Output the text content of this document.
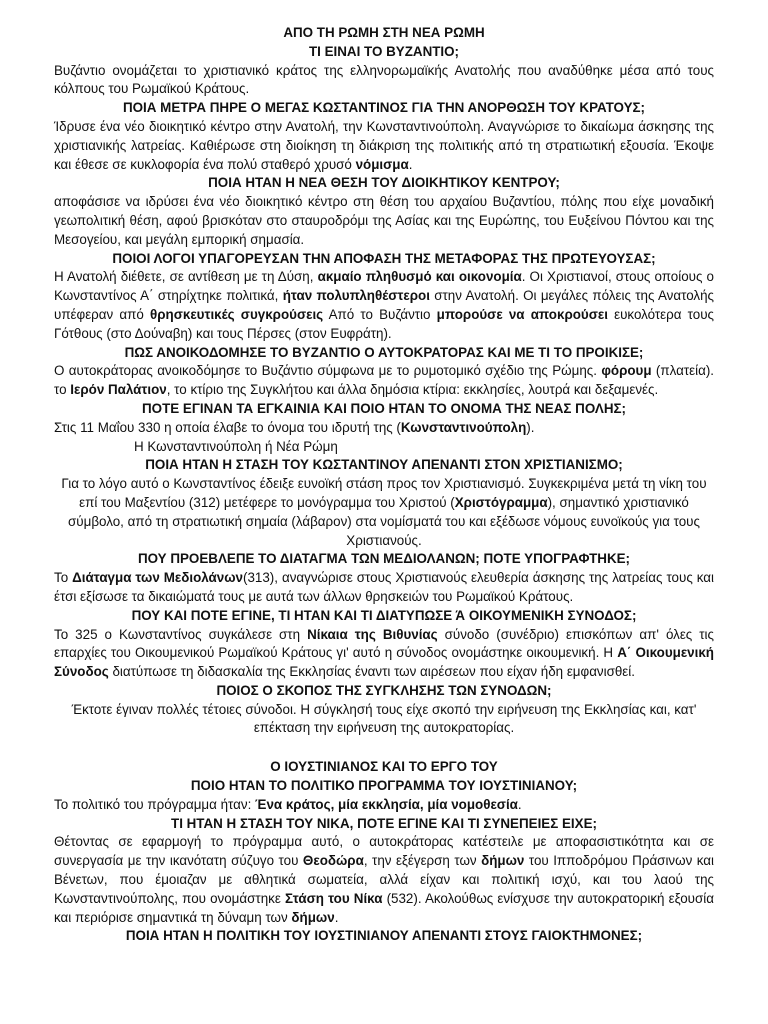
ΑΠΟ ΤΗ ΡΩΜΗ ΣΤΗ ΝΕΑ ΡΩΜΗ

ΤΙ ΕΙΝΑΙ ΤΟ ΒΥΖΑΝΤΙΟ;

Βυζάντιο ονομάζεται το χριστιανικό κράτος της ελληνορωμαϊκής Ανατολής που αναδύθηκε μέσα από τους κόλπους του Ρωμαϊκού Κράτους.

ΠΟΙΑ ΜΕΤΡΑ ΠΗΡΕ Ο ΜΕΓΑΣ ΚΩΣΤΑΝΤΙΝΟΣ ΓΙΑ ΤΗΝ ΑΝΟΡΘΩΣΗ ΤΟΥ ΚΡΑΤΟΥΣ;

Ίδρυσε ένα νέο διοικητικό κέντρο στην Ανατολή, την Κωνσταντινούπολη. Αναγνώρισε το δικαίωμα άσκησης της χριστιανικής λατρείας. Καθιέρωσε στη διοίκηση τη διάκριση της πολιτικής από τη στρατιωτική εξουσία. Έκοψε και έθεσε σε κυκλοφορία ένα πολύ σταθερό χρυσό νόμισμα.

ΠΟΙΑ ΗΤΑΝ Η ΝΕΑ ΘΕΣΗ ΤΟΥ ΔΙΟΙΚΗΤΙΚΟΥ ΚΕΝΤΡΟΥ;

αποφάσισε να ιδρύσει ένα νέο διοικητικό κέντρο στη θέση του αρχαίου Βυζαντίου, πόλης που είχε μοναδική γεωπολιτική θέση, αφού βρισκόταν στο σταυροδρόμι της Ασίας και της Ευρώπης, του Ευξείνου Πόντου και της Μεσογείου, και μεγάλη εμπορική σημασία.

ΠΟΙΟΙ ΛΟΓΟΙ ΥΠΑΓΟΡΕΥΣΑΝ ΤΗΝ ΑΠΟΦΑΣΗ ΤΗΣ ΜΕΤΑΦΟΡΑΣ ΤΗΣ ΠΡΩΤΕΥΟΥΣΑΣ;

Η Ανατολή διέθετε, σε αντίθεση με τη Δύση, ακμαίο πληθυσμό και οικονομία. Οι Χριστιανοί, στους οποίους ο Κωνσταντίνος Α΄ στηρίχτηκε πολιτικά, ήταν πολυπληθέστεροι στην Ανατολή. Οι μεγάλες πόλεις της Ανατολής υπέφεραν από θρησκευτικές συγκρούσεις Από το Βυζάντιο μπορούσε να αποκρούσει ευκολότερα τους Γότθους (στο Δούναβη) και τους Πέρσες (στον Ευφράτη).

ΠΩΣ ΑΝΟΙΚΟΔΟΜΗΣΕ ΤΟ ΒΥΖΑΝΤΙΟ Ο ΑΥΤΟΚΡΑΤΟΡΑΣ ΚΑΙ ΜΕ ΤΙ ΤΟ ΠΡΟΙΚΙΣΕ;

Ο αυτοκράτορας ανοικοδόμησε το Βυζάντιο σύμφωνα με το ρυμοτομικό σχέδιο της Ρώμης. φόρουμ (πλατεία). το Ιερόν Παλάτιον, το κτίριο της Συγκλήτου και άλλα δημόσια κτίρια: εκκλησίες, λουτρά και δεξαμενές.

ΠΟΤΕ ΕΓΙΝΑΝ ΤΑ ΕΓΚΑΙΝΙΑ ΚΑΙ ΠΟΙΟ ΗΤΑΝ ΤΟ ΟΝΟΜΑ ΤΗΣ ΝΕΑΣ ΠΟΛΗΣ;

Στις 11 Μαΐου 330 η οποία έλαβε το όνομα του ιδρυτή της (Κωνσταντινούπολη).

Η Κωνσταντινούπολη ή Νέα Ρώμη

ΠΟΙΑ ΗΤΑΝ Η ΣΤΑΣΗ ΤΟΥ ΚΩΣΤΑΝΤΙΝΟΥ ΑΠΕΝΑΝΤΙ ΣΤΟΝ ΧΡΙΣΤΙΑΝΙΣΜΟ;

Για το λόγο αυτό ο Κωνσταντίνος έδειξε ευνοϊκή στάση προς τον Χριστιανισμό. Συγκεκριμένα μετά τη νίκη του επί του Μαξεντίου (312) μετέφερε το μονόγραμμα του Χριστού (Χριστόγραμμα), σημαντικό χριστιανικό σύμβολο, από τη στρατιωτική σημαία (λάβαρον) στα νομίσματά του και εξέδωσε νόμους ευνοϊκούς για τους Χριστιανούς.

ΠΟΥ ΠΡΟΕΒΛΕΠΕ ΤΟ ΔΙΑΤΑΓΜΑ ΤΩΝ ΜΕΔΙΟΛΑΝΩΝ; ΠΟΤΕ ΥΠΟΓΡΑΦΤΗΚΕ;

Το Διάταγμα των Μεδιολάνων(313), αναγνώρισε στους Χριστιανούς ελευθερία άσκησης της λατρείας τους και έτσι εξίσωσε τα δικαιώματά τους με αυτά των άλλων θρησκειών του Ρωμαϊκού Κράτους.

ΠΟΥ ΚΑΙ ΠΟΤΕ ΕΓΙΝΕ, ΤΙ ΗΤΑΝ ΚΑΙ ΤΙ ΔΙΑΤΥΠΩΣΕ Ά ΟΙΚΟΥΜΕΝΙΚΗ ΣΥΝΟΔΟΣ;

Το 325 ο Κωνσταντίνος συγκάλεσε στη Νίκαια της Βιθυνίας σύνοδο (συνέδριο) επισκόπων απ' όλες τις επαρχίες του Οικουμενικού Ρωμαϊκού Κράτους γι' αυτό η σύνοδος ονομάστηκε οικουμενική. Η Α΄ Οικουμενική Σύνοδος διατύπωσε τη διδασκαλία της Εκκλησίας έναντι των αιρέσεων που είχαν ήδη εμφανισθεί.

ΠΟΙΟΣ Ο ΣΚΟΠΟΣ ΤΗΣ ΣΥΓΚΛΗΣΗΣ ΤΩΝ ΣΥΝΟΔΩΝ;

Έκτοτε έγιναν πολλές τέτοιες σύνοδοι. Η σύγκλησή τους είχε σκοπό την ειρήνευση της Εκκλησίας και, κατ' επέκταση την ειρήνευση της αυτοκρατορίας.

Ο ΙΟΥΣΤΙΝΙΑΝΟΣ ΚΑΙ ΤΟ ΕΡΓΟ ΤΟΥ

ΠΟΙΟ ΗΤΑΝ ΤΟ ΠΟΛΙΤΙΚΟ ΠΡΟΓΡΑΜΜΑ ΤΟΥ ΙΟΥΣΤΙΝΙΑΝΟΥ;

Το πολιτικό του πρόγραμμα ήταν: Ένα κράτος, μία εκκλησία, μία νομοθεσία.

ΤΙ ΗΤΑΝ Η ΣΤΑΣΗ ΤΟΥ ΝΙΚΑ, ΠΟΤΕ ΕΓΙΝΕ ΚΑΙ ΤΙ ΣΥΝΕΠΕΙΕΣ ΕΙΧΕ;

Θέτοντας σε εφαρμογή το πρόγραμμα αυτό, ο αυτοκράτορας κατέστειλε με αποφασιστικότητα και σε συνεργασία με την ικανότατη σύζυγο του Θεοδώρα, την εξέγερση των δήμων του Ιπποδρόμου Πράσινων και Βένετων, που έμοιαζαν με αθλητικά σωματεία, αλλά είχαν και πολιτική ισχύ, και του λαού της Κωνσταντινούπολης, που ονομάστηκε Στάση του Νίκα (532). Ακολούθως ενίσχυσε την αυτοκρατορική εξουσία και περιόρισε σημαντικά τη δύναμη των δήμων.

ΠΟΙΑ ΗΤΑΝ Η ΠΟΛΙΤΙΚΗ ΤΟΥ ΙΟΥΣΤΙΝΙΑΝΟΥ ΑΠΕΝΑΝΤΙ ΣΤΟΥΣ ΓΑΙΟΚΤΗΜΟΝΕΣ;
